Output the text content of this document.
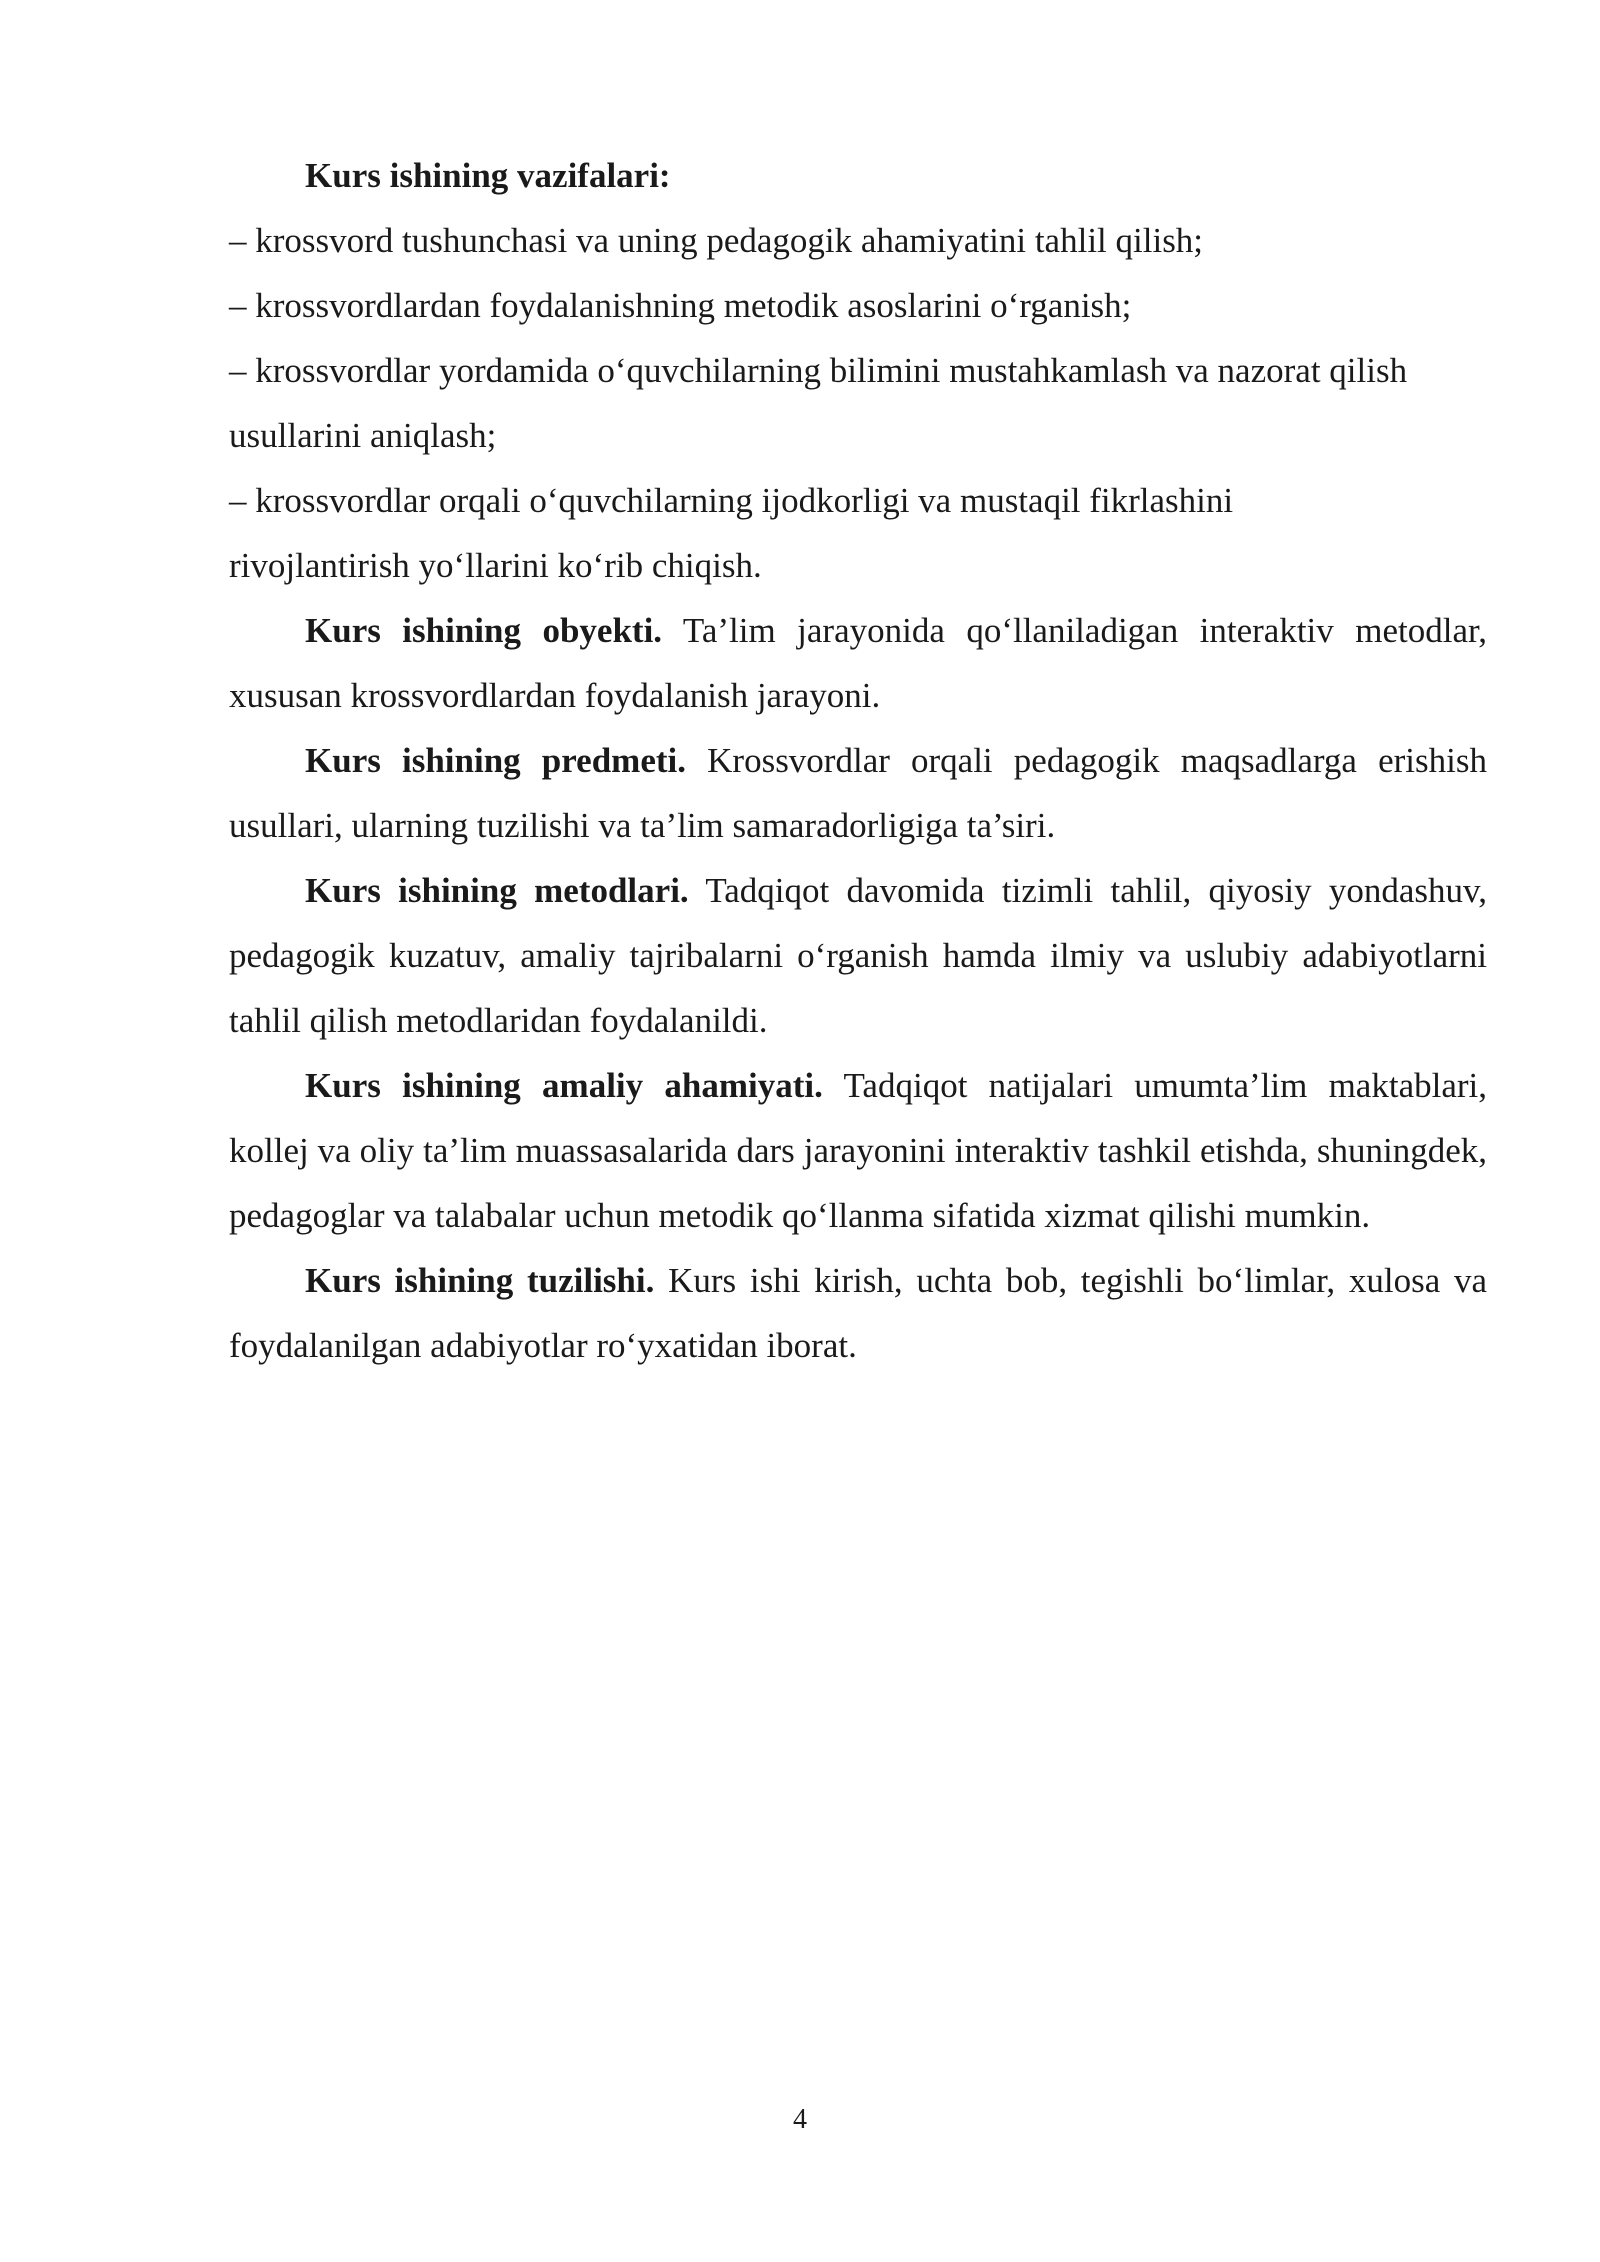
Kurs ishining vazifalari:

– krossvord tushunchasi va uning pedagogik ahamiyatini tahlil qilish;

– krossvordlardan foydalanishning metodik asoslarini o‘rganish;

– krossvordlar yordamida o‘quvchilarning bilimini mustahkamlash va nazorat qilish usullarini aniqlash;

– krossvordlar orqali o‘quvchilarning ijodkorligi va mustaqil fikrlashini rivojlantirish yo‘llarini ko‘rib chiqish.

Kurs ishining obyekti. Ta’lim jarayonida qo‘llaniladigan interaktiv metodlar, xususan krossvordlardan foydalanish jarayoni.

Kurs ishining predmeti. Krossvordlar orqali pedagogik maqsadlarga erishish usullari, ularning tuzilishi va ta’lim samaradorligiga ta’siri.

Kurs ishining metodlari. Tadqiqot davomida tizimli tahlil, qiyosiy yondashuv, pedagogik kuzatuv, amaliy tajribalarni o‘rganish hamda ilmiy va uslubiy adabiyotlarni tahlil qilish metodlaridan foydalanildi.

Kurs ishining amaliy ahamiyati. Tadqiqot natijalari umumta’lim maktablari, kollej va oliy ta’lim muassasalarida dars jarayonini interaktiv tashkil etishda, shuningdek, pedagoglar va talabalar uchun metodik qo‘llanma sifatida xizmat qilishi mumkin.

Kurs ishining tuzilishi. Kurs ishi kirish, uchta bob, tegishli bo‘limlar, xulosa va foydalanilgan adabiyotlar ro‘yxatidan iborat.

4
